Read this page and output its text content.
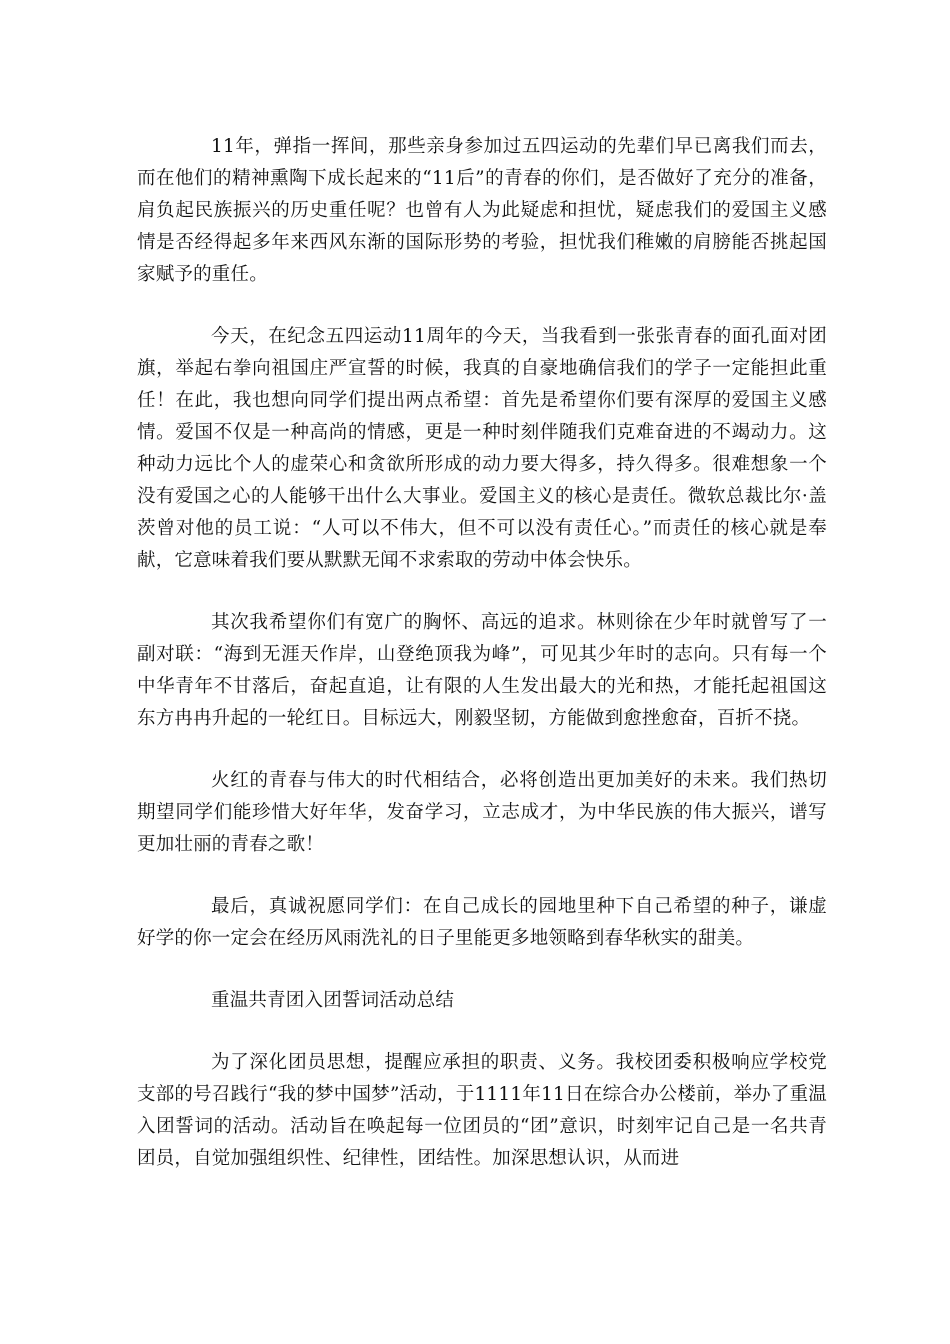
11年，弹指一挥间，那些亲身参加过五四运动的先辈们早已离我们而去，而在他们的精神熏陶下成长起来的“11后”的青春的你们，是否做好了充分的准备，肩负起民族振兴的历史重任呢？也曾有人为此疑虑和担忧，疑虑我们的爱国主义感情是否经得起多年来西风东渐的国际形势的考验，担忧我们稚嫩的肩膀能否挑起国家赋予的重任。

今天，在纪念五四运动11周年的今天，当我看到一张张青春的面孔面对团旗，举起右拳向祖国庄严宣誓的时候，我真的自豪地确信我们的学子一定能担此重任！在此，我也想向同学们提出两点希望：首先是希望你们要有深厚的爱国主义感情。爱国不仅是一种高尚的情感，更是一种时刻伴随我们克难奋进的不竭动力。这种动力远比个人的虚荣心和贪欲所形成的动力要大得多，持久得多。很难想象一个没有爱国之心的人能够干出什么大事业。爱国主义的核心是责任。微软总裁比尔·盖茨曾对他的员工说：“人可以不伟大，但不可以没有责任心。”而责任的核心就是奉献，它意味着我们要从默默无闻不求索取的劳动中体会快乐。

其次我希望你们有宽广的胸怀、高远的追求。林则徐在少年时就曾写了一副对联：“海到无涯天作岸，山登绝顶我为峰”，可见其少年时的志向。只有每一个中华青年不甘落后，奋起直追，让有限的人生发出最大的光和热，才能托起祖国这东方冉冉升起的一轮红日。目标远大，刚毅坚韧，方能做到愈挫愈奋，百折不挠。

火红的青春与伟大的时代相结合，必将创造出更加美好的未来。我们热切期望同学们能珍惜大好年华，发奋学习，立志成才，为中华民族的伟大振兴，谱写更加壮丽的青春之歌！

最后，真诚祝愿同学们：在自己成长的园地里种下自己希望的种子，谦虚好学的你一定会在经历风雨洗礼的日子里能更多地领略到春华秋实的甜美。

重温共青团入团誓词活动总结

为了深化团员思想，提醒应承担的职责、义务。我校团委积极响应学校党支部的号召践行“我的梦中国梦”活动，于1111年11日在综合办公楼前，举办了重温入团誓词的活动。活动旨在唤起每一位团员的“团”意识，时刻牢记自己是一名共青团员，自觉加强组织性、纪律性，团结性。加深思想认识，从而进
